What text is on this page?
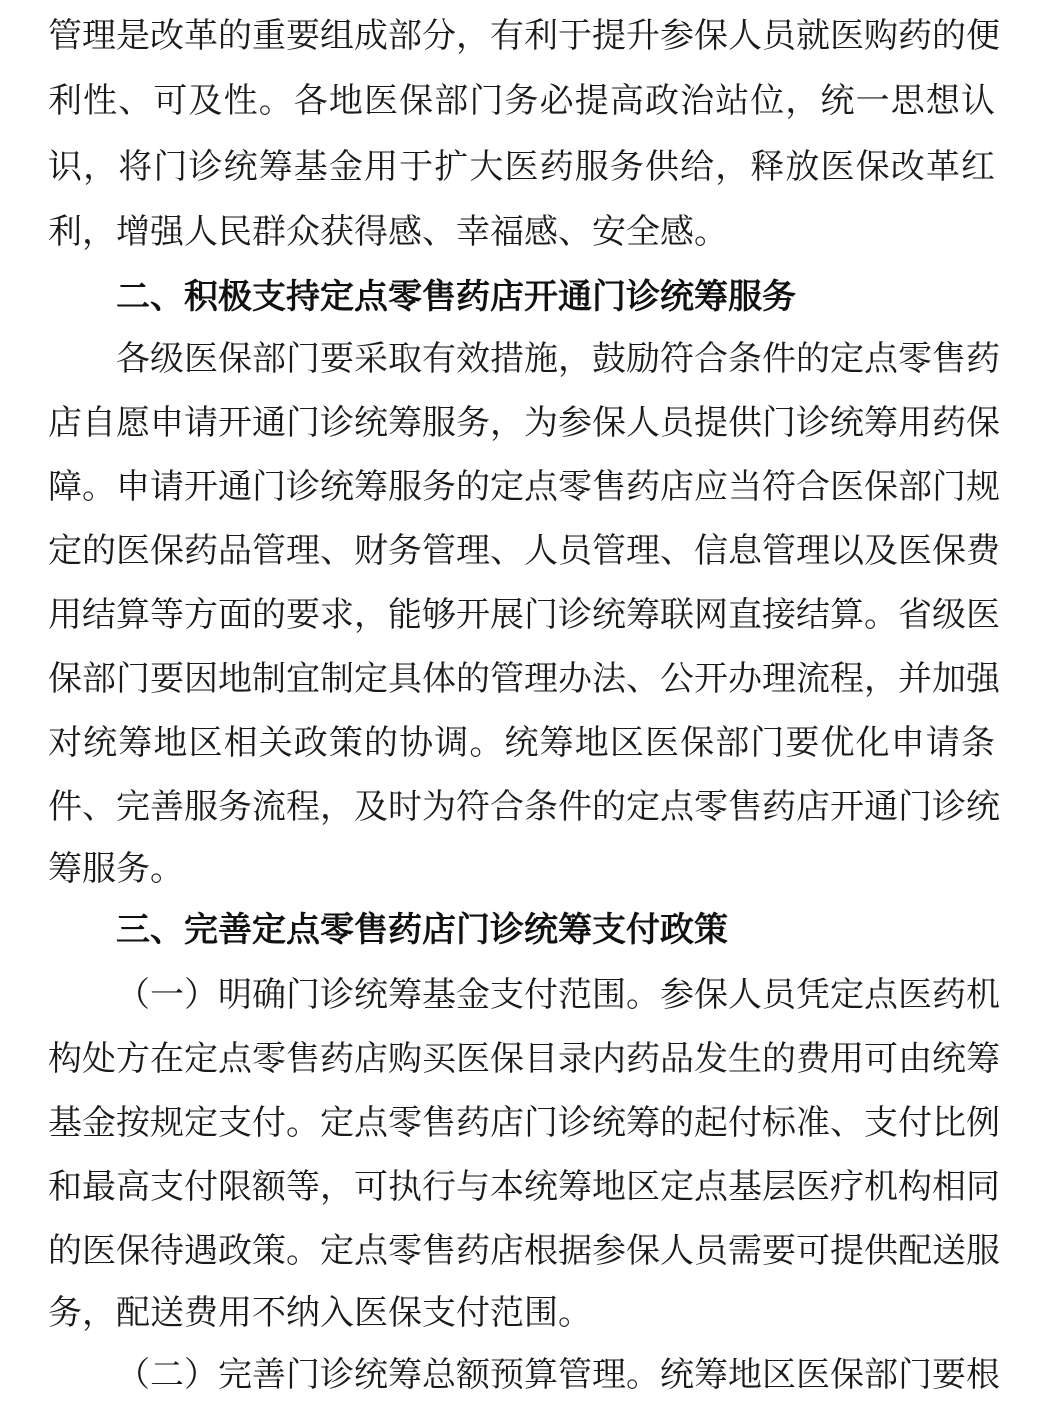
管理是改革的重要组成部分，有利于提升参保人员就医购药的便
利性、可及性。各地医保部门务必提高政治站位，统一思想认
识，将门诊统筹基金用于扩大医药服务供给，释放医保改革红
利，增强人民群众获得感、幸福感、安全感。
二、积极支持定点零售药店开通门诊统筹服务
各级医保部门要采取有效措施，鼓励符合条件的定点零售药
店自愿申请开通门诊统筹服务，为参保人员提供门诊统筹用药保
障。申请开通门诊统筹服务的定点零售药店应当符合医保部门规
定的医保药品管理、财务管理、人员管理、信息管理以及医保费
用结算等方面的要求，能够开展门诊统筹联网直接结算。省级医
保部门要因地制宜制定具体的管理办法、公开办理流程，并加强
对统筹地区相关政策的协调。统筹地区医保部门要优化申请条
件、完善服务流程，及时为符合条件的定点零售药店开通门诊统
筹服务。
三、完善定点零售药店门诊统筹支付政策
（一）明确门诊统筹基金支付范围。参保人员凭定点医药机
构处方在定点零售药店购买医保目录内药品发生的费用可由统筹
基金按规定支付。定点零售药店门诊统筹的起付标准、支付比例
和最高支付限额等，可执行与本统筹地区定点基层医疗机构相同
的医保待遇政策。定点零售药店根据参保人员需要可提供配送服
务，配送费用不纳入医保支付范围。
（二）完善门诊统筹总额预算管理。统筹地区医保部门要根
